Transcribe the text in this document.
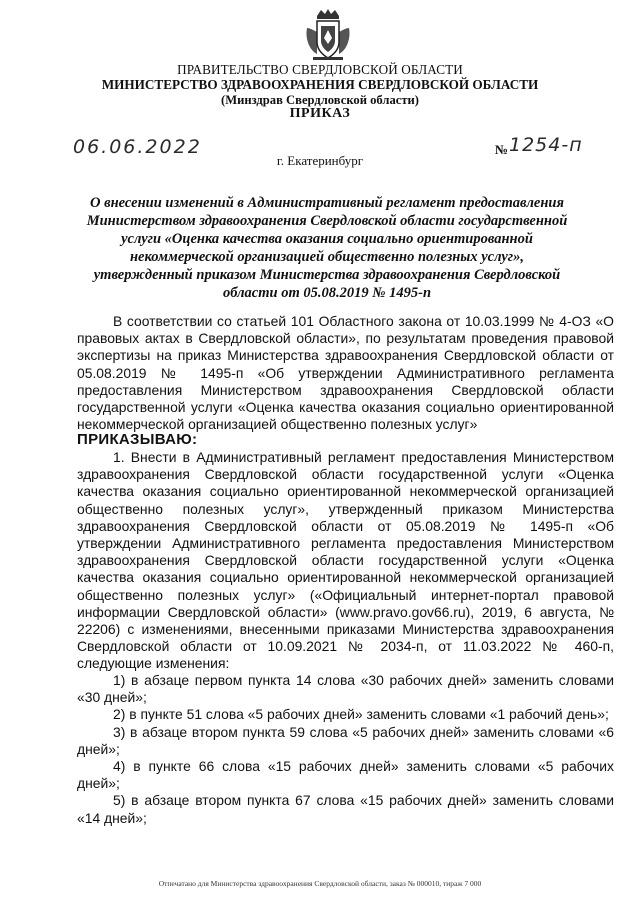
ПРАВИТЕЛЬСТВО СВЕРДЛОВСКОЙ ОБЛАСТИ
МИНИСТЕРСТВО ЗДРАВООХРАНЕНИЯ СВЕРДЛОВСКОЙ ОБЛАСТИ
(Минздрав Свердловской области)
ПРИКАЗ
06.06.2022	№ 1254-п
г. Екатеринбург
О внесении изменений в Административный регламент предоставления Министерством здравоохранения Свердловской области государственной услуги «Оценка качества оказания социально ориентированной некоммерческой организацией общественно полезных услуг», утвержденный приказом Министерства здравоохранения Свердловской области от 05.08.2019 № 1495-п

В соответствии со статьей 101 Областного закона от 10.03.1999 № 4-ОЗ «О правовых актах в Свердловской области», по результатам проведения правовой экспертизы на приказ Министерства здравоохранения Свердловской области от 05.08.2019 № 1495-п «Об утверждении Административного регламента предоставления Министерством здравоохранения Свердловской области государственной услуги «Оценка качества оказания социально ориентированной некоммерческой организацией общественно полезных услуг»

ПРИКАЗЫВАЮ:

1. Внести в Административный регламент предоставления Министерством здравоохранения Свердловской области государственной услуги «Оценка качества оказания социально ориентированной некоммерческой организацией общественно полезных услуг», утвержденный приказом Министерства здравоохранения Свердловской области от 05.08.2019 № 1495-п «Об утверждении Административного регламента предоставления Министерством здравоохранения Свердловской области государственной услуги «Оценка качества оказания социально ориентированной некоммерческой организацией общественно полезных услуг» («Официальный интернет-портал правовой информации Свердловской области» (www.pravo.gov66.ru), 2019, 6 августа, № 22206) с изменениями, внесенными приказами Министерства здравоохранения Свердловской области от 10.09.2021 № 2034-п, от 11.03.2022 № 460-п, следующие изменения:

1) в абзаце первом пункта 14 слова «30 рабочих дней» заменить словами «30 дней»;

2) в пункте 51 слова «5 рабочих дней» заменить словами «1 рабочий день»;

3) в абзаце втором пункта 59 слова «5 рабочих дней» заменить словами «6 дней»;

4) в пункте 66 слова «15 рабочих дней» заменить словами «5 рабочих дней»;

5) в абзаце втором пункта 67 слова «15 рабочих дней» заменить словами «14 дней»;

Отпечатано для Министерства здравоохранения Свердловской области, заказ № 000010, тираж 7 000
